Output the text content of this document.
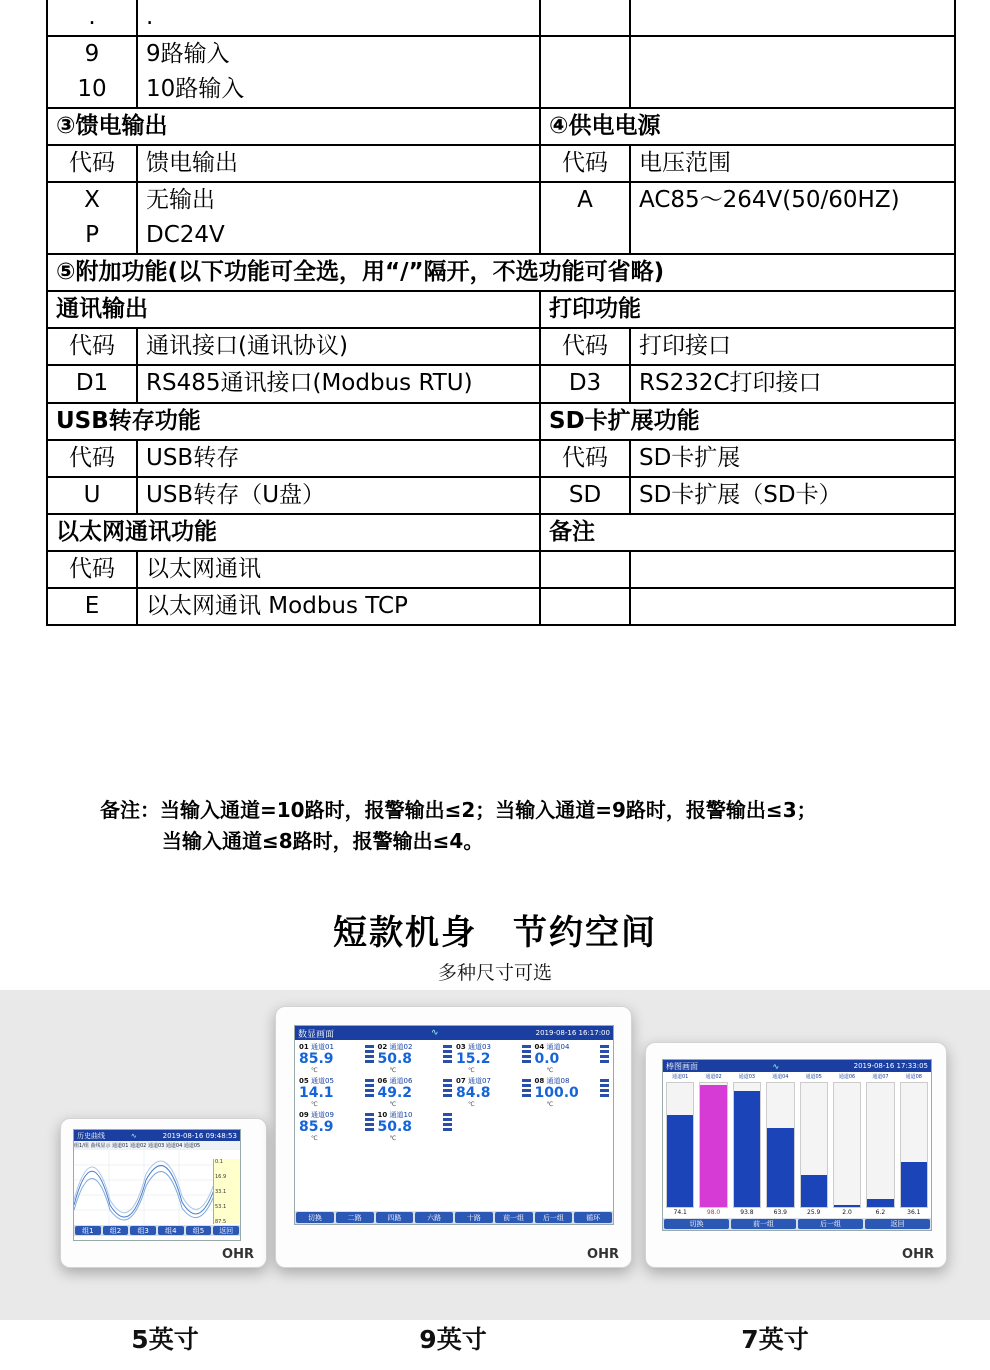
.	.		
9	9路输入		
10	10路输入		
③馈电输出		④供电电源	
代码	馈电输出	代码	电压范围
X	无输出	A	AC85～264V(50/60HZ)
P	DC24V		
⑤附加功能(以下功能可全选，用“/”隔开，不选功能可省略)			
通讯输出		打印功能	
代码	通讯接口(通讯协议)	代码	打印接口
D1	RS485通讯接口(Modbus RTU)	D3	RS232C打印接口
USB转存功能		SD卡扩展功能	
代码	USB转存	代码	SD卡扩展
U	USB转存（U盘）	SD	SD卡扩展（SD卡）
以太网通讯功能		备注	
代码	以太网通讯		
E	以太网通讯 Modbus TCP		
备注：当输入通道=10路时，报警输出≤2；当输入通道=9路时，报警输出≤3；
当输入通道≤8路时，报警输出≤4。
短款机身　节约空间
多种尺寸可选
历史曲线	∿	2019-08-16 09:48:53
组1/组 曲线显示 通道01 通道02 通道03 通道04 通道05
0.1
16.9
33.1
53.1
87.5
组1	组2	组3	组4	组5	返回
OHR
数显画面	∿	2019-08-16 16:17:00
01 通道01
85.9
℃
02 通道02
50.8
℃
03 通道03
15.2
℃
04 通道04
0.0
℃
05 通道05
14.1
℃
06 通道06
49.2
℃
07 通道07
84.8
℃
08 通道08
100.0
℃
09 通道09
85.9
℃
10 通道10
50.8
℃
切换	二路	四路	六路	十路	前一组	后一组	循环
OHR
棒图画面	∿	2019-08-16 17:33:05
通道01	通道02	通道03	通道04	通道05	通道06	通道07	通道08
74.1	98.0	93.8	63.9	25.9	2.0	6.2	36.1
切换	前一组	后一组	返回
OHR
5英寸	9英寸	7英寸
